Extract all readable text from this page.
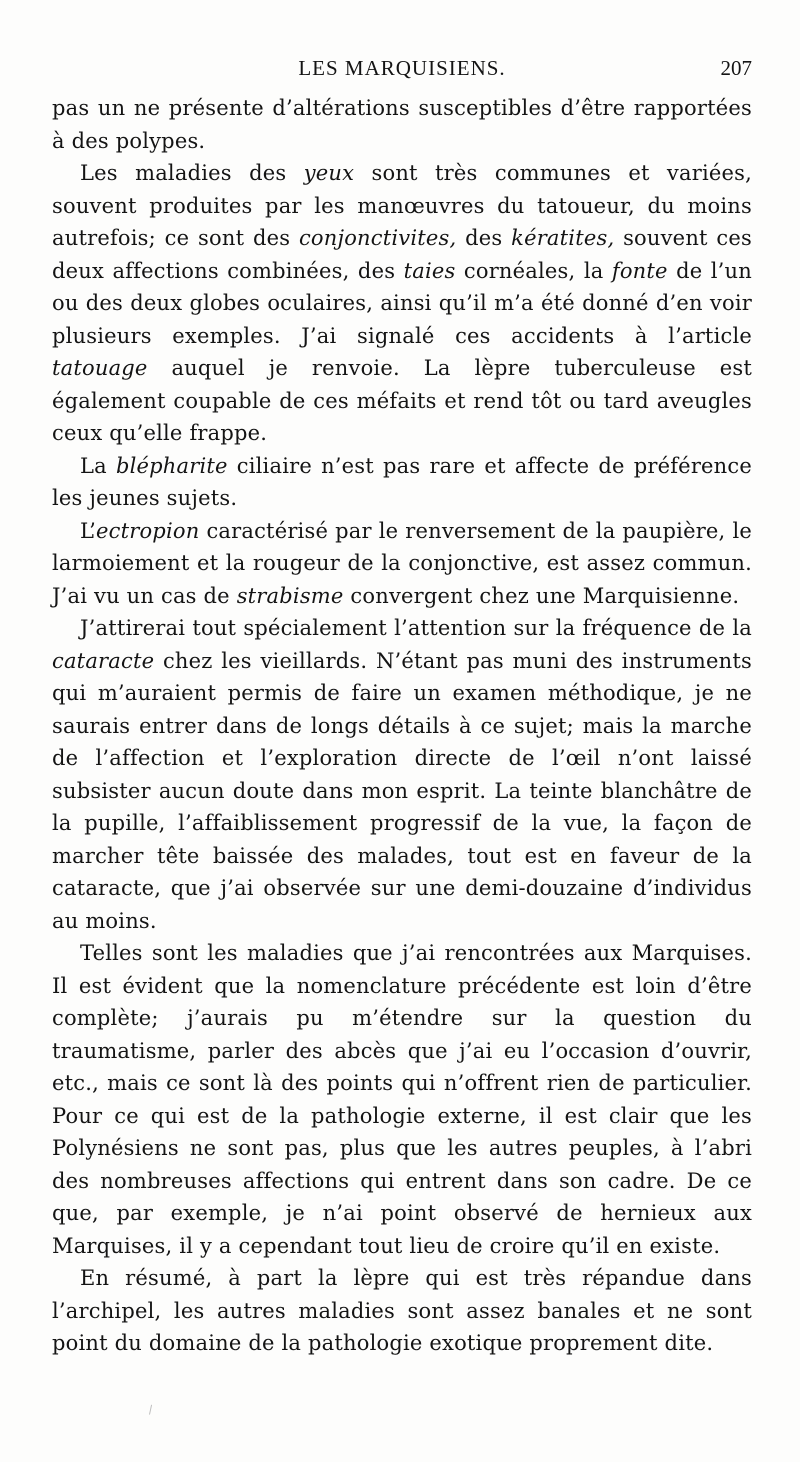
LES MARQUISIENS.	207

pas un ne présente d’altérations susceptibles d’être rapportées à des polypes.

Les maladies des yeux sont très communes et variées, souvent produites par les manœuvres du tatoueur, du moins autrefois; ce sont des conjonctivites, des kératites, souvent ces deux affections combinées, des taies cornéales, la fonte de l’un ou des deux globes oculaires, ainsi qu’il m’a été donné d’en voir plusieurs exemples. J’ai signalé ces accidents à l’article tatouage auquel je renvoie. La lèpre tuberculeuse est également coupable de ces méfaits et rend tôt ou tard aveugles ceux qu’elle frappe.

La blépharite ciliaire n’est pas rare et affecte de préférence les jeunes sujets.

L’ectropion caractérisé par le renversement de la paupière, le larmoiement et la rougeur de la conjonctive, est assez commun. J’ai vu un cas de strabisme convergent chez une Marquisienne.

J’attirerai tout spécialement l’attention sur la fréquence de la cataracte chez les vieillards. N’étant pas muni des instruments qui m’auraient permis de faire un examen méthodique, je ne saurais entrer dans de longs détails à ce sujet; mais la marche de l’affection et l’exploration directe de l’œil n’ont laissé subsister aucun doute dans mon esprit. La teinte blanchâtre de la pupille, l’affaiblissement progressif de la vue, la façon de marcher tête baissée des malades, tout est en faveur de la cataracte, que j’ai observée sur une demi-douzaine d’individus au moins.

Telles sont les maladies que j’ai rencontrées aux Marquises. Il est évident que la nomenclature précédente est loin d’être complète; j’aurais pu m’étendre sur la question du traumatisme, parler des abcès que j’ai eu l’occasion d’ouvrir, etc., mais ce sont là des points qui n’offrent rien de particulier. Pour ce qui est de la pathologie externe, il est clair que les Polynésiens ne sont pas, plus que les autres peuples, à l’abri des nombreuses affections qui entrent dans son cadre. De ce que, par exemple, je n’ai point observé de hernieux aux Marquises, il y a cependant tout lieu de croire qu’il en existe.

En résumé, à part la lèpre qui est très répandue dans l’archipel, les autres maladies sont assez banales et ne sont point du domaine de la pathologie exotique proprement dite.
